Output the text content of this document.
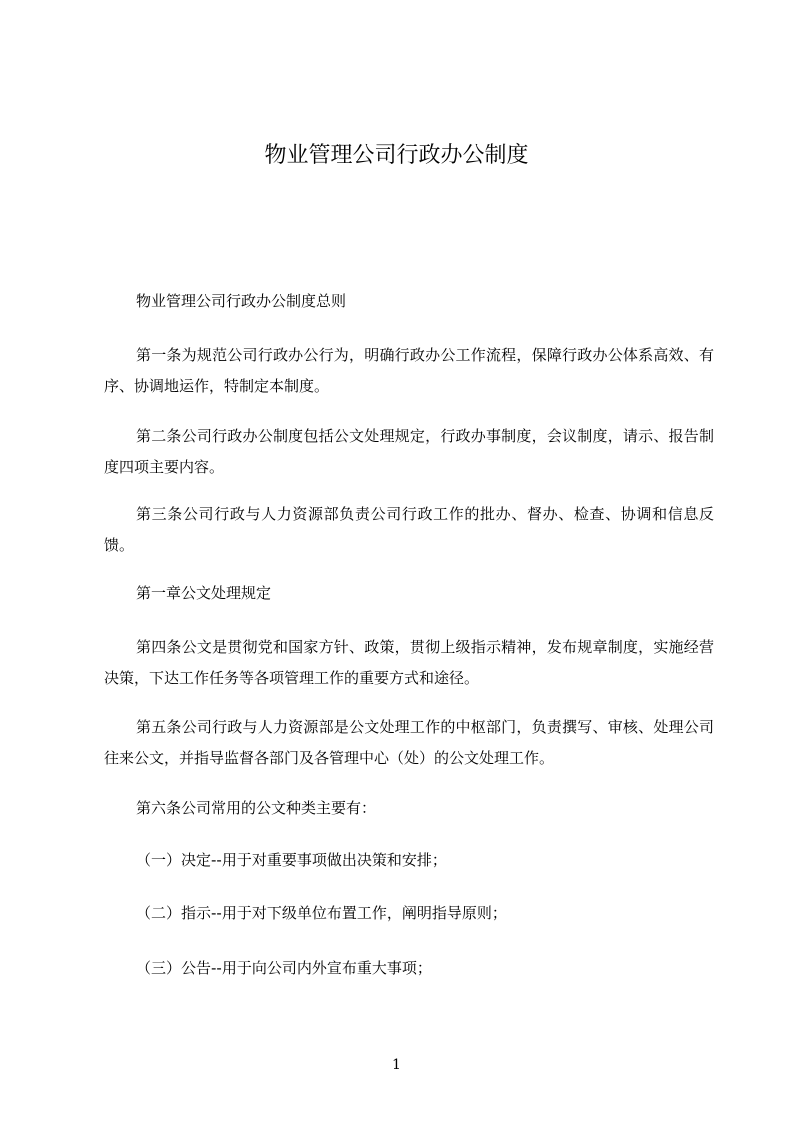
物业管理公司行政办公制度

物业管理公司行政办公制度总则

第一条为规范公司行政办公行为，明确行政办公工作流程，保障行政办公体系高效、有序、协调地运作，特制定本制度。

第二条公司行政办公制度包括公文处理规定，行政办事制度，会议制度，请示、报告制度四项主要内容。

第三条公司行政与人力资源部负责公司行政工作的批办、督办、检查、协调和信息反馈。

第一章公文处理规定

第四条公文是贯彻党和国家方针、政策，贯彻上级指示精神，发布规章制度，实施经营决策，下达工作任务等各项管理工作的重要方式和途径。

第五条公司行政与人力资源部是公文处理工作的中枢部门，负责撰写、审核、处理公司往来公文，并指导监督各部门及各管理中心（处）的公文处理工作。

第六条公司常用的公文种类主要有：

（一）决定--用于对重要事项做出决策和安排；

（二）指示--用于对下级单位布置工作，阐明指导原则；

（三）公告--用于向公司内外宣布重大事项；

1
